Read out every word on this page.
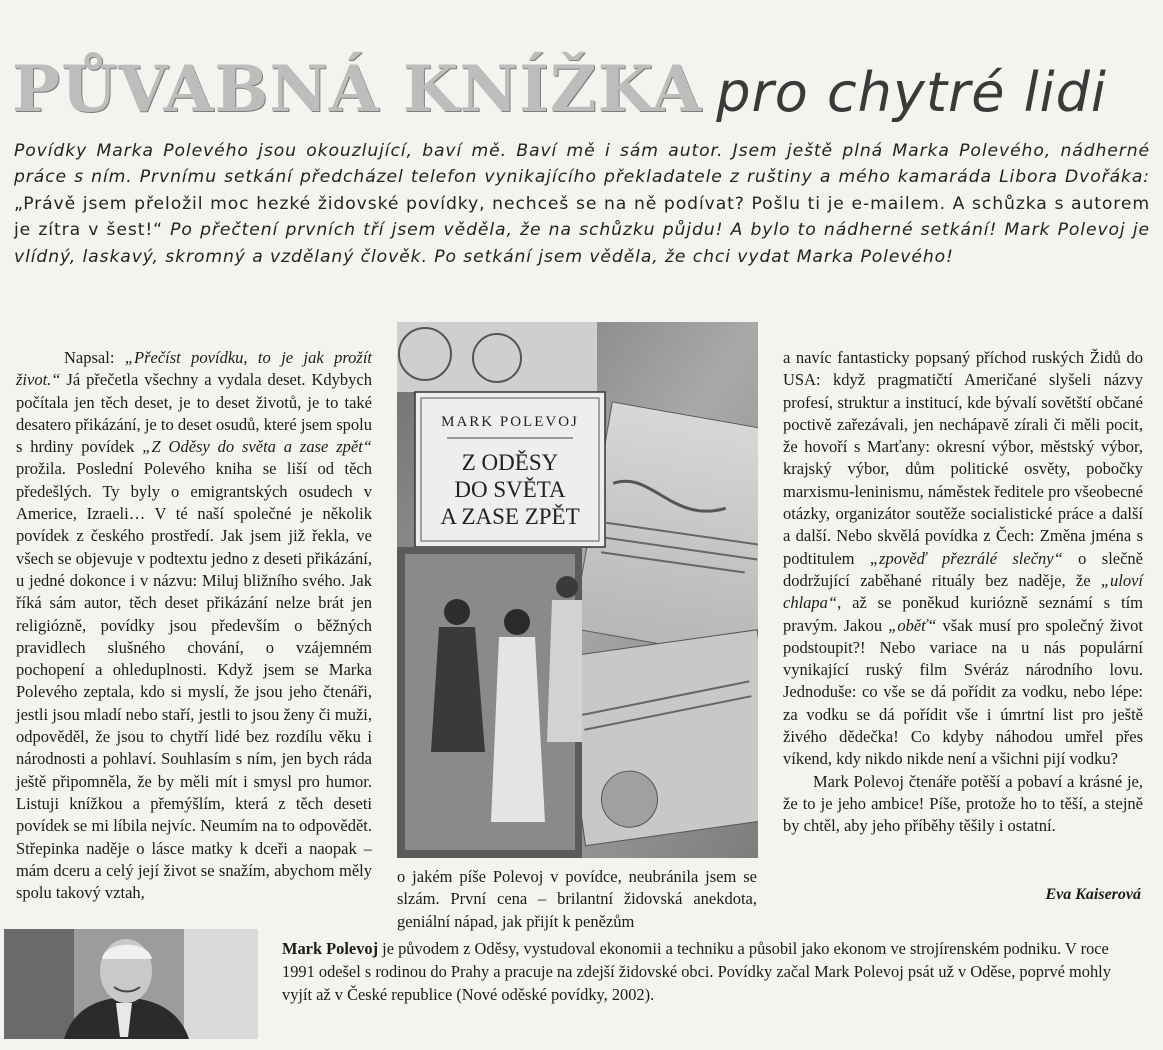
PŮVABNÁ KNÍŽKA pro chytré lidi

Povídky Marka Polevého jsou okouzlující, baví mě. Baví mě i sám autor. Jsem ještě plná Marka Polevého, nádherné práce s ním. Prvnímu setkání předcházel telefon vynikajícího překladatele z ruštiny a mého kamaráda Libora Dvořáka: „Právě jsem přeložil moc hezké židovské povídky, nechceš se na ně podívat? Pošlu ti je e-mailem. A schůzka s autorem je zítra v šest!“ Po přečtení prvních tří jsem věděla, že na schůzku půjdu! A bylo to nádherné setkání! Mark Polevoj je vlídný, laskavý, skromný a vzdělaný člověk. Po setkání jsem věděla, že chci vydat Marka Polevého!

Napsal: „Přečíst povídku, to je jak prožít život.“ Já přečetla všechny a vydala deset. Kdybych počítala jen těch deset, je to deset životů, je to také desatero přikázání, je to deset osudů, které jsem spolu s hrdiny povídek „Z Oděsy do světa a zase zpět“ prožila. Poslední Polevého kniha se liší od těch předešlých. Ty byly o emigrantských osudech v Americe, Izraeli… V té naší společné je několik povídek z českého prostředí. Jak jsem již řekla, ve všech se objevuje v podtextu jedno z deseti přikázání, u jedné dokonce i v názvu: Miluj bližního svého. Jak říká sám autor, těch deset přikázání nelze brát jen religiózně, povídky jsou především o běžných pravidlech slušného chování, o vzájemném pochopení a ohleduplnosti. Když jsem se Marka Polevého zeptala, kdo si myslí, že jsou jeho čtenáři, jestli jsou mladí nebo staří, jestli to jsou ženy či muži, odpověděl, že jsou to chytří lidé bez rozdílu věku i národnosti a pohlaví. Souhlasím s ním, jen bych ráda ještě připomněla, že by měli mít i smysl pro humor. Listuji knížkou a přemýšlím, která z těch deseti povídek se mi líbila nejvíc. Neumím na to odpovědět. Střepinka naděje o lásce matky k dceři a naopak – mám dceru a celý její život se snažím, abychom měly spolu takový vztah,
MARK POLEVOJ
Z ODĚSY
DO SVĚTA
A ZASE ZPĚT
o jakém píše Polevoj v povídce, neubránila jsem se slzám. První cena – brilantní židovská anekdota, geniální nápad, jak přijít k penězům

a navíc fantasticky popsaný příchod ruských Židů do USA: když pragmatičtí Američané slyšeli názvy profesí, struktur a institucí, kde bývalí sovětští občané poctivě zařezávali, jen nechápavě zírali či měli pocit, že hovoří s Marťany: okresní výbor, městský výbor, krajský výbor, dům politické osvěty, pobočky marxismu-leninismu, náměstek ředitele pro všeobecné otázky, organizátor soutěže socialistické práce a další a další. Nebo skvělá povídka z Čech: Změna jména s podtitulem „zpověď přezrálé slečny“ o slečně dodržující zaběhané rituály bez naděje, že „uloví chlapa“, až se poněkud kuriózně seznámí s tím pravým. Jakou „oběť“ však musí pro společný život podstoupit?! Nebo variace na u nás populární vynikající ruský film Svéráz národního lovu. Jednoduše: co vše se dá pořídit za vodku, nebo lépe: za vodku se dá pořídit vše i úmrtní list pro ještě živého dědečka! Co kdyby náhodou umřel přes víkend, kdy nikdo nikde není a všichni pijí vodku?

Mark Polevoj čtenáře potěší a pobaví a krásné je, že to je jeho ambice! Píše, protože ho to těší, a stejně by chtěl, aby jeho příběhy těšily i ostatní.

Eva Kaiserová

Mark Polevoj je původem z Oděsy, vystudoval ekonomii a techniku a působil jako ekonom ve strojírenském podniku. V roce 1991 odešel s rodinou do Prahy a pracuje na zdejší židovské obci. Povídky začal Mark Polevoj psát už v Oděse, poprvé mohly vyjít až v České republice (Nové oděské povídky, 2002).
